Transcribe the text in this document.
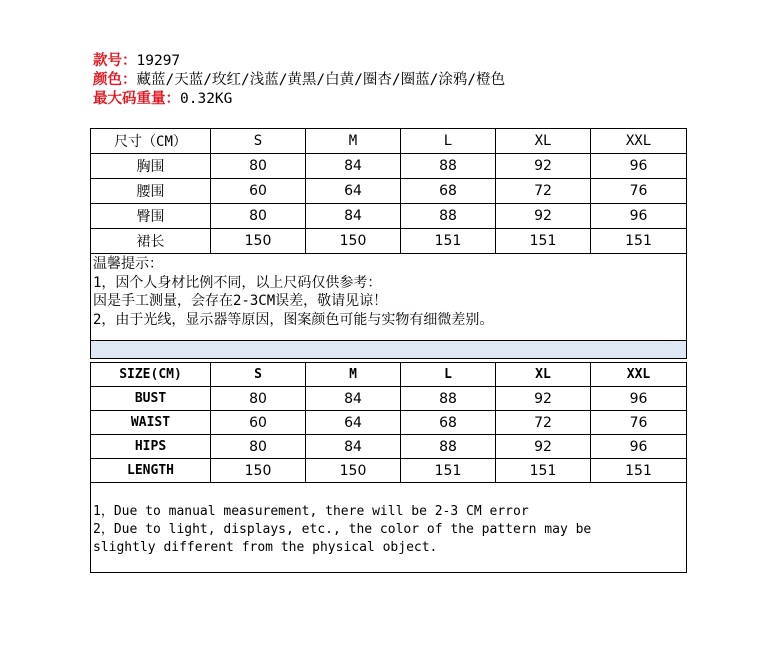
款号：19297
颜色：藏蓝/天蓝/玫红/浅蓝/黄黑/白黄/圈杏/圈蓝/涂鸦/橙色
最大码重量：0.32KG
尺寸（CM）	S	M	L	XL	XXL
胸围	80	84	88	92	96
腰围	60	64	68	72	76
臀围	80	84	88	92	96
裙长	150	150	151	151	151

温馨提示：
1，因个人身材比例不同，以上尺码仅供参考：
因是手工测量，会存在2-3CM误差，敬请见谅！
2，由于光线，显示器等原因，图案颜色可能与实物有细微差别。					

SIZE(CM)	S	M	L	XL	XXL
BUST	80	84	88	92	96
WAIST	60	64	68	72	76
HIPS	80	84	88	92	96
LENGTH	150	150	151	151	151

1，Due to manual measurement, there will be 2-3 CM error
2，Due to light, displays, etc., the color of the pattern may be
slightly different from the physical object.					
